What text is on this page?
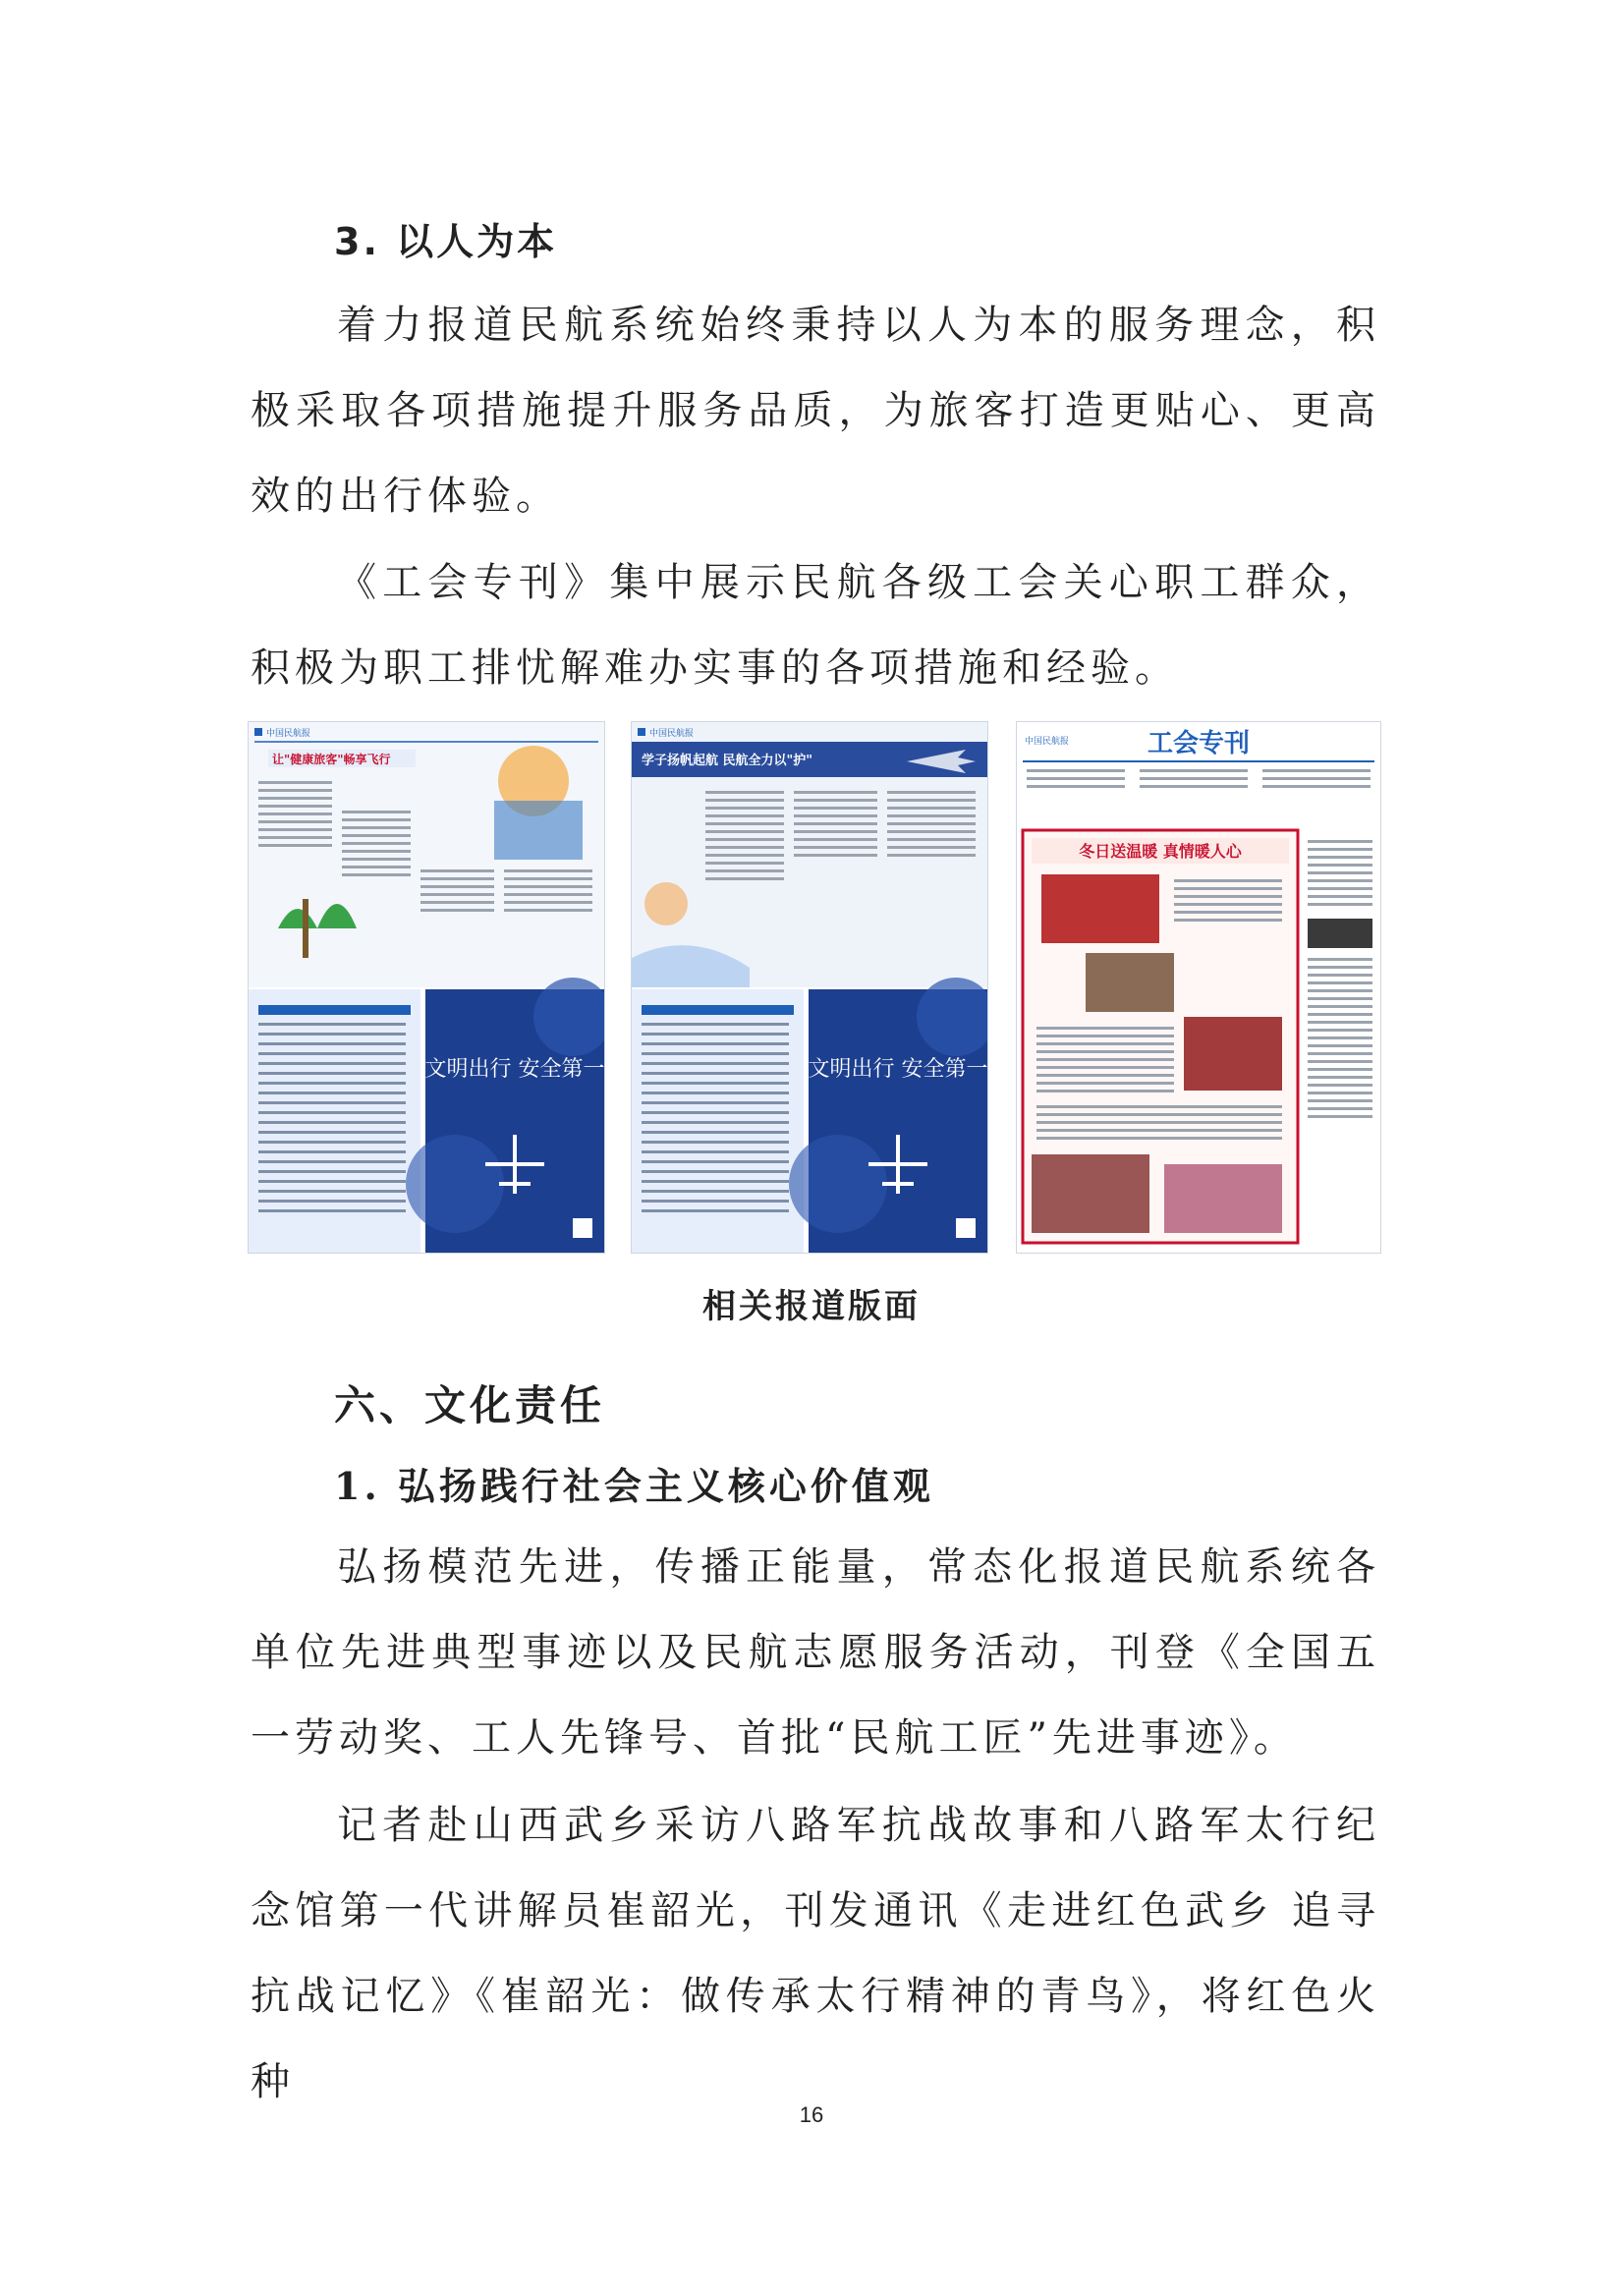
3. 以人为本
着力报道民航系统始终秉持以人为本的服务理念，积极采取各项措施提升服务品质，为旅客打造更贴心、更高效的出行体验。
《工会专刊》集中展示民航各级工会关心职工群众，积极为职工排忧解难办实事的各项措施和经验。
中国民航报
让"健康旅客"畅享飞行
文明出行 安全第一
中国民航报
学子扬帆起航 民航全力以"护"
文明出行 安全第一
中国民航报	工会专刊
冬日送温暖 真情暖人心
相关报道版面
六、文化责任
1. 弘扬践行社会主义核心价值观
弘扬模范先进，传播正能量，常态化报道民航系统各单位先进典型事迹以及民航志愿服务活动，刊登《全国五一劳动奖、工人先锋号、首批“民航工匠”先进事迹》。
记者赴山西武乡采访八路军抗战故事和八路军太行纪念馆第一代讲解员崔韶光，刊发通讯《走进红色武乡 追寻抗战记忆》《崔韶光：做传承太行精神的青鸟》，将红色火种
16
